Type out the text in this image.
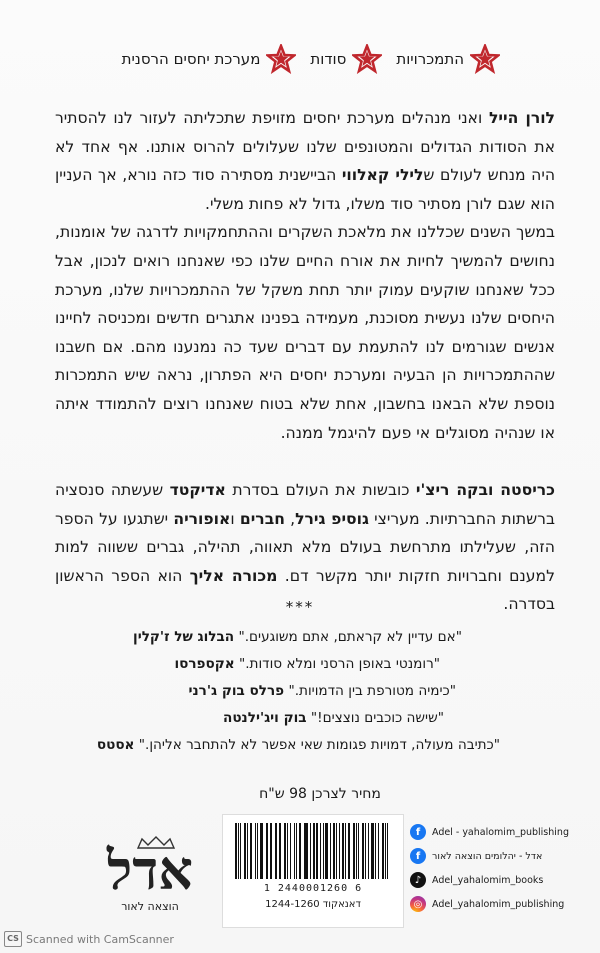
התמכרויות
סודות
מערכת יחסים הרסנית
לורן הייל ואני מנהלים מערכת יחסים מזויפת שתכליתה לעזור לנו להסתיר את הסודות הגדולים והמטונפים שלנו שעלולים להרוס אותנו. אף אחד לא היה מנחש לעולם שלילי קאלווי הביישנית מסתירה סוד כזה נורא, אך העניין הוא שגם לורן מסתיר סוד משלו, גדול לא פחות משלי.
במשך השנים שכללנו את מלאכת השקרים וההתחמקויות לדרגה של אומנות, נחושים להמשיך לחיות את אורח החיים שלנו כפי שאנחנו רואים לנכון, אבל ככל שאנחנו שוקעים עמוק יותר תחת משקל של ההתמכרויות שלנו, מערכת היחסים שלנו נעשית מסוכנת, מעמידה בפנינו אתגרים חדשים ומכניסה לחיינו אנשים שגורמים לנו להתעמת עם דברים שעד כה נמנענו מהם. אם חשבנו שההתמכרויות הן הבעיה ומערכת יחסים היא הפתרון, נראה שיש התמכרות נוספת שלא הבאנו בחשבון, אחת שלא בטוח שאנחנו רוצים להתמודד איתה או שנהיה מסוגלים אי פעם להיגמל ממנה.
כריסטה ובקה ריצ'י כובשות את העולם בסדרת אדיקטד שעשתה סנסציה ברשתות החברתיות. מעריצי גוסיפ גירל, חברים ואופוריה ישתגעו על הספר הזה, שעלילתו מתרחשת בעולם מלא תאווה, תהילה, גברים ששווה למות למענם וחברויות חזקות יותר מקשר דם. מכורה אליך הוא הספר הראשון בסדרה.
***
"אם עדיין לא קראתם, אתם משוגעים." הבלוג של ז'קלין
"רומנטי באופן הרסני ומלא סודות." אקספרסו
"כימיה מטורפת בין הדמויות." פרלס בוק ג'רני
"שישה כוכבים נוצצים!" בוק ויג'ילנטה
"כתיבה מעולה, דמויות פגומות שאי אפשר לא להתחבר אליהן." אסטס
מחיר לצרכן 98 ש"ח
1 2440001260 6
דאנאקוד 1244-1260
אדל
הוצאה לאור
f	Adel - yahalomim_publishing
f	אדל - יהלומים הוצאה לאור
♪	Adel_yahalomim_books
◎	Adel_yahalomim_publishing
CS Scanned with CamScanner
